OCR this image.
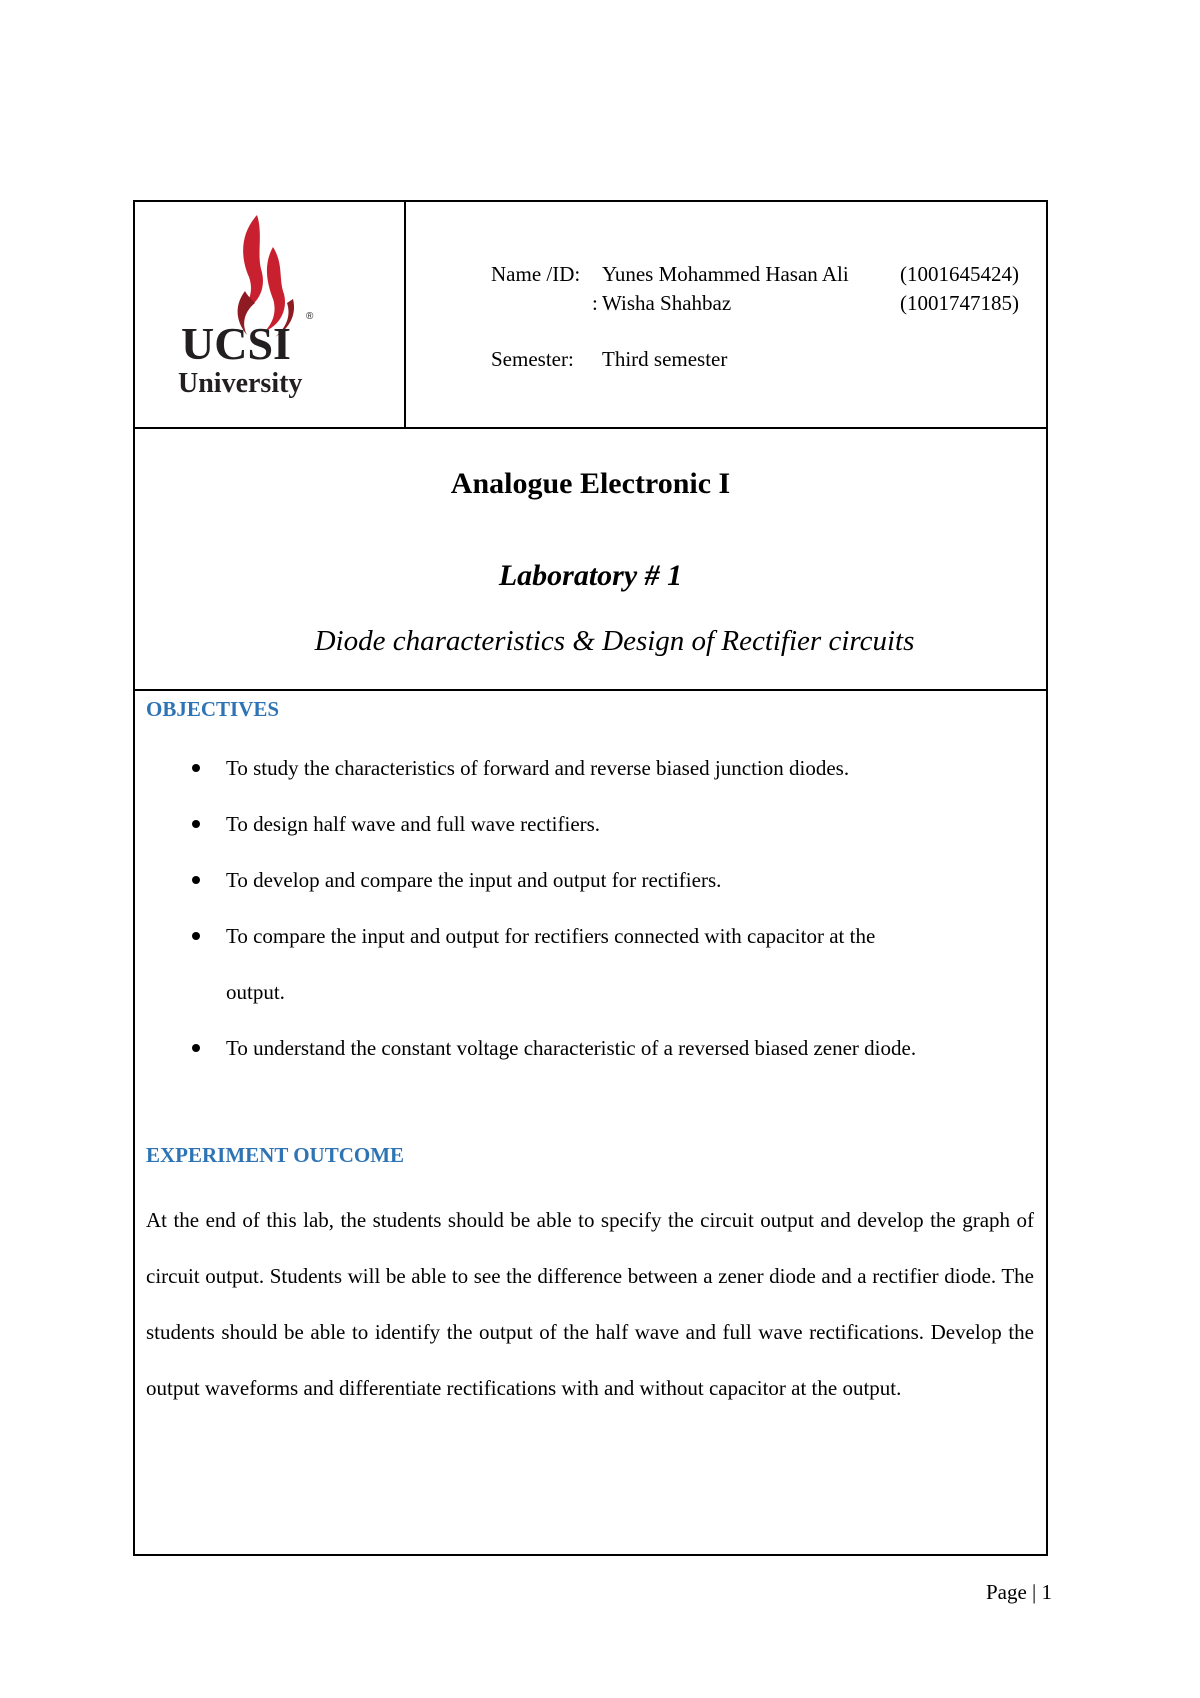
UCSI
University
®
Name /ID: Yunes Mohammed Hasan Ali (1001645424)
: Wisha Shahbaz	(1001747185)
Semester: Third semester
Analogue Electronic I
Laboratory # 1
Diode characteristics & Design of Rectifier circuits
OBJECTIVES
To study the characteristics of forward and reverse biased junction diodes.
To design half wave and full wave rectifiers.
To develop and compare the input and output for rectifiers.
To compare the input and output for rectifiers connected with capacitor at the output.
To understand the constant voltage characteristic of a reversed biased zener diode.
EXPERIMENT OUTCOME

At the end of this lab, the students should be able to specify the circuit output and develop the graph of circuit output. Students will be able to see the difference between a zener diode and a rectifier diode. The students should be able to identify the output of the half wave and full wave rectifications. Develop the output waveforms and differentiate rectifications with and without capacitor at the output.

Page | 1
